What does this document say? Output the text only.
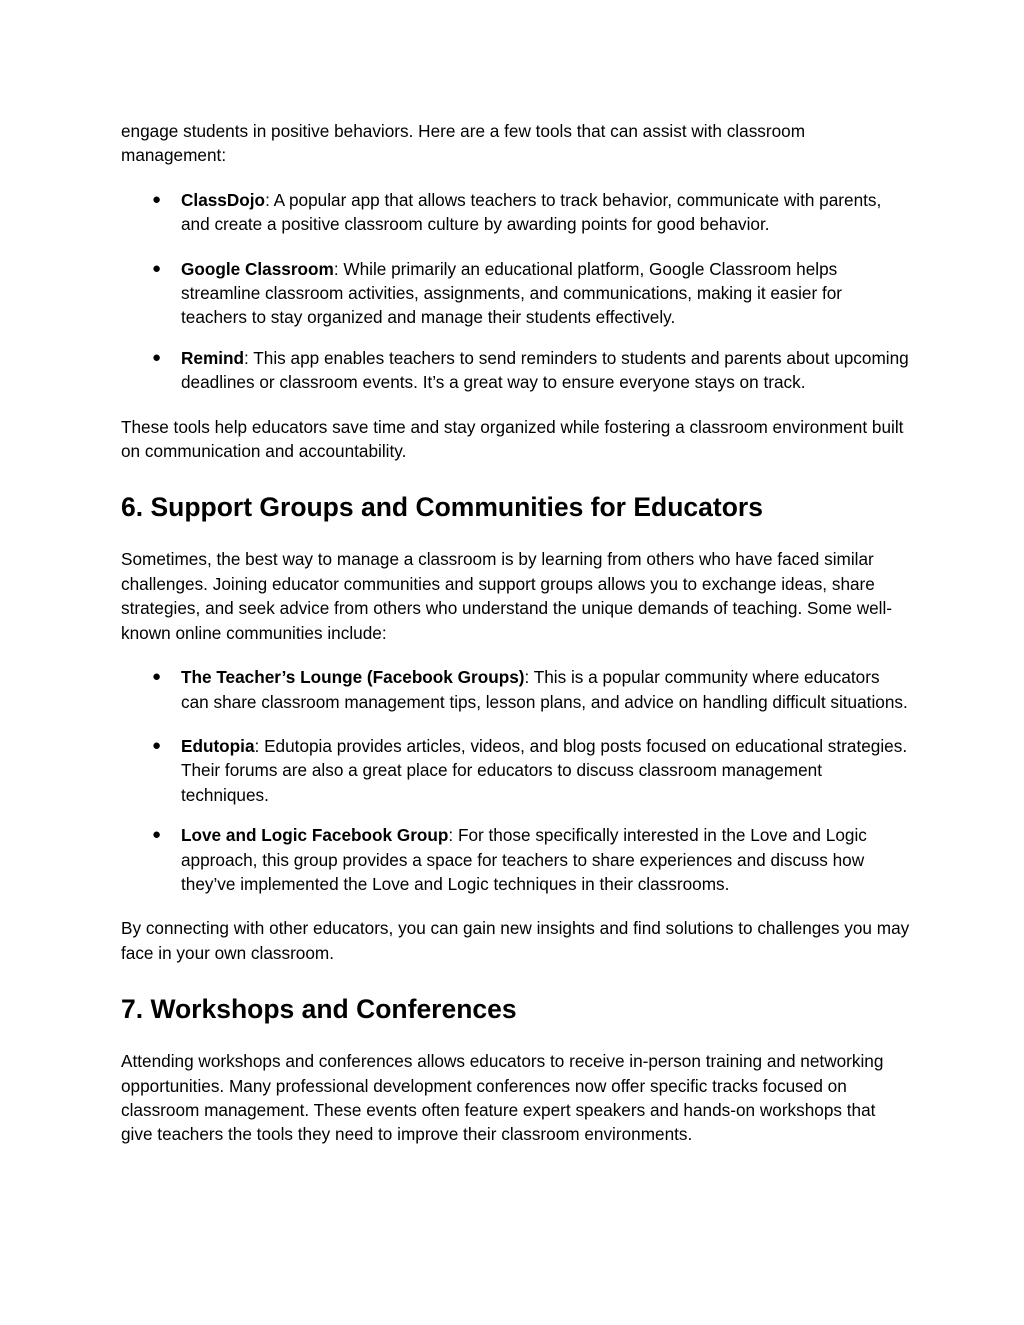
engage students in positive behaviors. Here are a few tools that can assist with classroom management:

● ClassDojo: A popular app that allows teachers to track behavior, communicate with parents, and create a positive classroom culture by awarding points for good behavior.
● Google Classroom: While primarily an educational platform, Google Classroom helps streamline classroom activities, assignments, and communications, making it easier for teachers to stay organized and manage their students effectively.
● Remind: This app enables teachers to send reminders to students and parents about upcoming deadlines or classroom events. It’s a great way to ensure everyone stays on track.

These tools help educators save time and stay organized while fostering a classroom environment built on communication and accountability.

6. Support Groups and Communities for Educators

Sometimes, the best way to manage a classroom is by learning from others who have faced similar challenges. Joining educator communities and support groups allows you to exchange ideas, share strategies, and seek advice from others who understand the unique demands of teaching. Some well-known online communities include:

● The Teacher’s Lounge (Facebook Groups): This is a popular community where educators can share classroom management tips, lesson plans, and advice on handling difficult situations.
● Edutopia: Edutopia provides articles, videos, and blog posts focused on educational strategies. Their forums are also a great place for educators to discuss classroom management techniques.
● Love and Logic Facebook Group: For those specifically interested in the Love and Logic approach, this group provides a space for teachers to share experiences and discuss how they’ve implemented the Love and Logic techniques in their classrooms.

By connecting with other educators, you can gain new insights and find solutions to challenges you may face in your own classroom.

7. Workshops and Conferences

Attending workshops and conferences allows educators to receive in-person training and networking opportunities. Many professional development conferences now offer specific tracks focused on classroom management. These events often feature expert speakers and hands-on workshops that give teachers the tools they need to improve their classroom environments.
